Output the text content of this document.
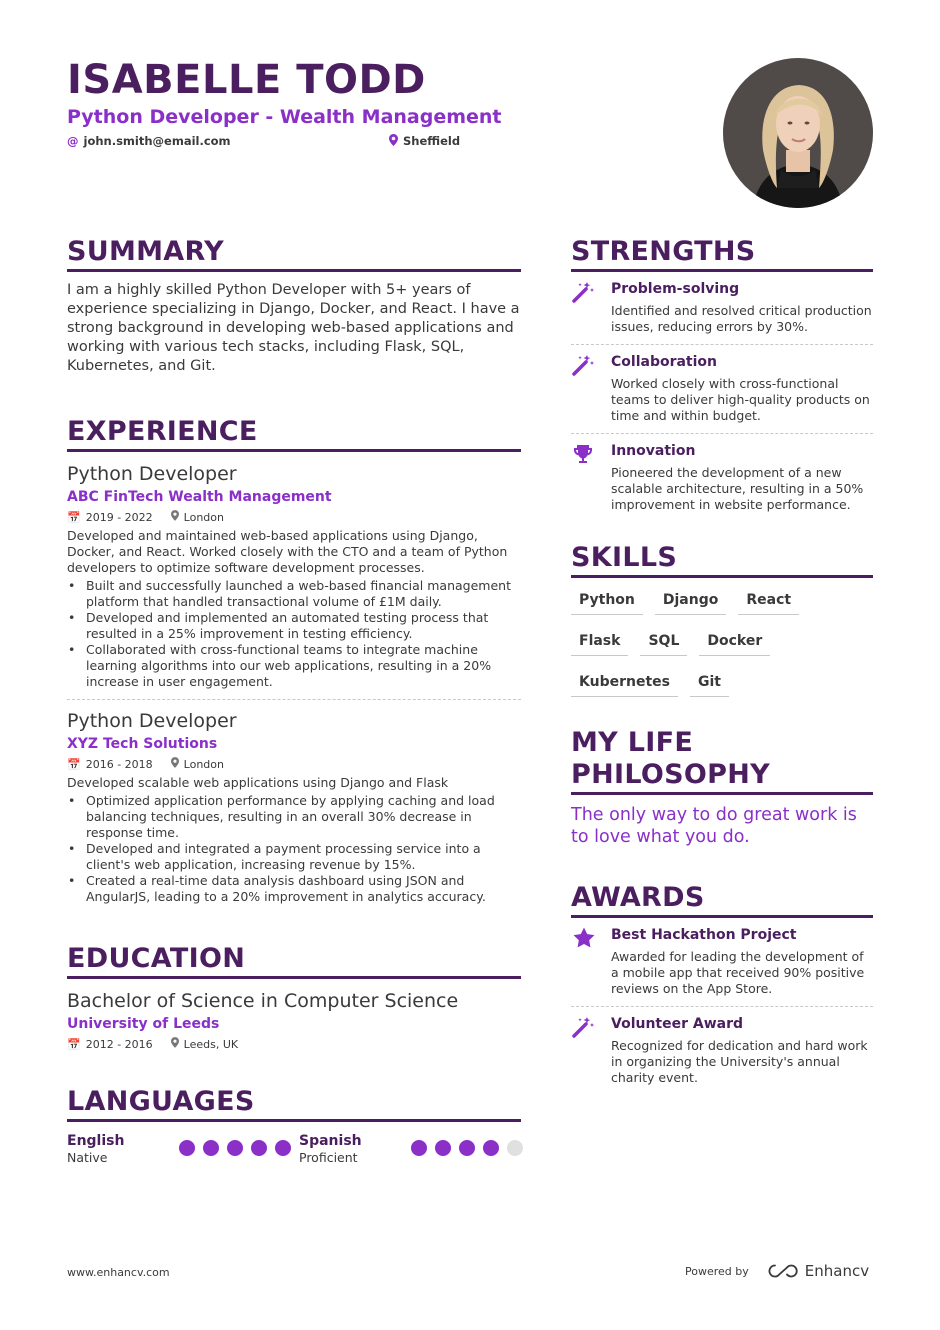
ISABELLE TODD
Python Developer - Wealth Management
@ john.smith@email.com	Sheffield
SUMMARY
I am a highly skilled Python Developer with 5+ years of experience specializing in Django, Docker, and React. I have a strong background in developing web-based applications and working with various tech stacks, including Flask, SQL, Kubernetes, and Git.
EXPERIENCE
Python Developer
ABC FinTech Wealth Management
📅 2019 - 2022	London
Developed and maintained web-based applications using Django, Docker, and React. Worked closely with the CTO and a team of Python developers to optimize software development processes.
• Built and successfully launched a web-based financial management platform that handled transactional volume of £1M daily.
• Developed and implemented an automated testing process that resulted in a 25% improvement in testing efficiency.
• Collaborated with cross-functional teams to integrate machine learning algorithms into our web applications, resulting in a 20% increase in user engagement.
Python Developer
XYZ Tech Solutions
📅 2016 - 2018	London
Developed scalable web applications using Django and Flask
• Optimized application performance by applying caching and load balancing techniques, resulting in an overall 30% decrease in response time.
• Developed and integrated a payment processing service into a client's web application, increasing revenue by 15%.
• Created a real-time data analysis dashboard using JSON and AngularJS, leading to a 20% improvement in analytics accuracy.
EDUCATION
Bachelor of Science in Computer Science
University of Leeds
📅 2012 - 2016	Leeds, UK
LANGUAGES
English
Native
Spanish
Proficient
STRENGTHS
Problem-solving
Identified and resolved critical production issues, reducing errors by 30%.
Collaboration
Worked closely with cross-functional teams to deliver high-quality products on time and within budget.
Innovation
Pioneered the development of a new scalable architecture, resulting in a 50% improvement in website performance.
SKILLS
Python	Django	React
Flask	SQL	Docker
Kubernetes	Git
MY LIFE PHILOSOPHY
The only way to do great work is to love what you do.
AWARDS
Best Hackathon Project
Awarded for leading the development of a mobile app that received 90% positive reviews on the App Store.
Volunteer Award
Recognized for dedication and hard work in organizing the University's annual charity event.
www.enhancv.com	Powered by	Enhancv
